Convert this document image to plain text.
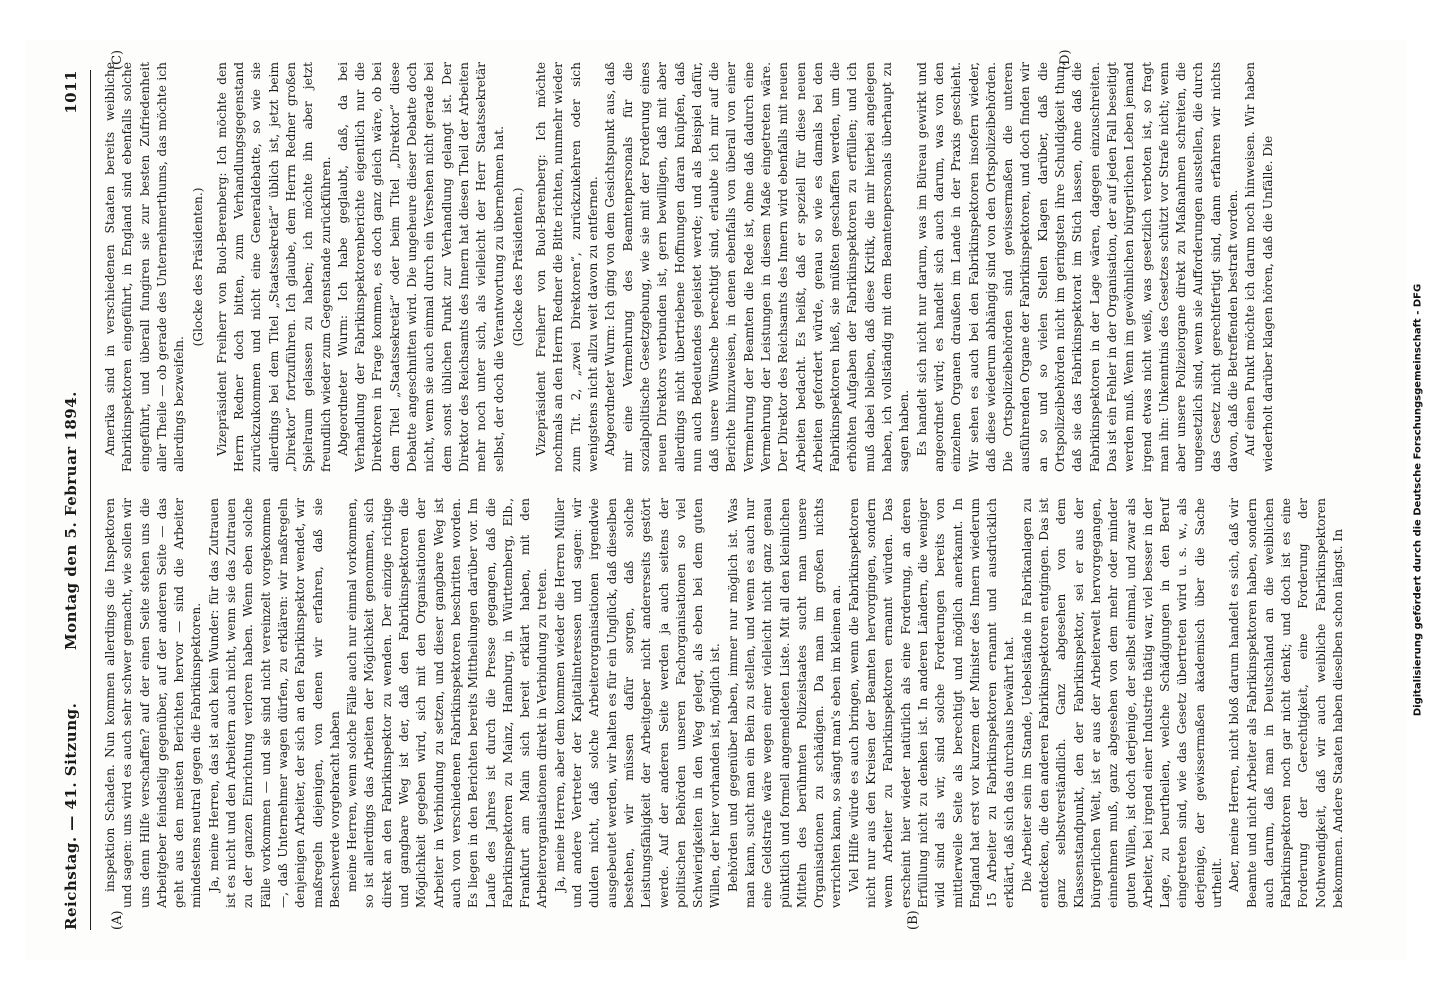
Reichstag. — 41. Sitzung.
Montag den 5. Februar 1894.
1011
(A)	(B)
(C)	(D)

inspektion Schaden. Nun kommen allerdings die Inspektoren und sagen: uns wird es auch sehr schwer gemacht, wie sollen wir uns denn Hilfe verschaffen? auf der einen Seite stehen uns die Arbeitgeber feindselig gegenüber, auf der anderen Seite — das geht aus den meisten Berichten hervor — sind die Arbeiter mindestens neutral gegen die Fabrikinspektoren. Ja, meine Herren, das ist auch kein Wunder: für das Zutrauen ist es nicht und den Arbeitern auch nicht, wenn sie das Zutrauen zu der ganzen Einrichtung verloren haben. Wenn eben solche Fälle vorkommen — und sie sind nicht vereinzelt vorgekommen —, daß Unternehmer wagen dürfen, zu erklären: wir maßregeln denjenigen Arbeiter, der sich an den Fabrikinspektor wendet, wir maßregeln diejenigen, von denen wir erfahren, daß sie Beschwerde vorgebracht haben meine Herren, wenn solche Fälle auch nur einmal vorkommen, so ist allerdings das Arbeiten der Möglichkeit genommen, sich direkt an den Fabrikinspektor zu wenden. Der einzige richtige und gangbare Weg ist der, daß den Fabrikinspektoren die Möglichkeit gegeben wird, sich mit den Organisationen der Arbeiter in Verbindung zu setzen, und dieser gangbare Weg ist auch von verschiedenen Fabrikinspektoren beschritten worden. Es liegen in den Berichten bereits Mittheilungen darüber vor. Im Laufe des Jahres ist durch die Presse gegangen, daß die Fabrikinspektoren zu Mainz, Hamburg, in Württemberg, Elb., Frankfurt am Main sich bereit erklärt haben, mit den Arbeiterorganisationen direkt in Verbindung zu treten. Ja, meine Herren, aber dem kommen wieder die Herren Müller und andere Vertreter der Kapitalinteressen und sagen: wir dulden nicht, daß solche Arbeiterorganisationen irgendwie ausgebeutet werden, wir halten es für ein Unglück, daß dieselben bestehen, wir müssen dafür sorgen, daß solche Leistungsfähigkeit der Arbeitgeber nicht andererseits gestört werde. Auf der anderen Seite werden ja auch seitens der politischen Behörden unseren Fachorganisationen so viel Schwierigkeiten in den Weg gelegt, als eben bei dem guten Willen, der hier vorhanden ist, möglich ist. Behörden und gegenüber haben, immer nur möglich ist. Was man kann, sucht man ein Bein zu stellen, und wenn es auch nur eine Geldstrafe wäre wegen einer vielleicht nicht ganz genau pünktlich und formell angemeldeten Liste. Mit all den kleinlichen Mitteln des berühmten Polizeistaates sucht man unsere Organisationen zu schädigen. Da man im großen nichts verrichten kann, so sängt man's eben im kleinen an. Viel Hilfe würde es auch bringen, wenn die Fabrikinspektoren nicht nur aus den Kreisen der Beamten hervorgingen, sondern wenn Arbeiter zu Fabrikinspektoren ernannt würden. Das erscheint hier wieder natürlich als eine Forderung, an deren Erfüllung nicht zu denken ist. In anderen Ländern, die weniger wild sind als wir, sind solche Forderungen bereits von mittlerweile Seite als berechtigt und möglich anerkannt. In England hat erst vor kurzem der Minister des Innern wiederum 15 Arbeiter zu Fabrikinspektoren ernannt und ausdrücklich erklärt, daß sich das durchaus bewährt hat. Die Arbeiter sein im Stande, Uebelstände in Fabrikanlagen zu entdecken, die den anderen Fabrikinspektoren entgingen. Das ist ganz selbstverständlich. Ganz abgesehen von dem Klassenstandpunkt, den der Fabrikinspektor, sei er aus der bürgerlichen Welt, ist er aus der Arbeiterwelt hervorgegangen, einnehmen muß, ganz abgesehen von dem mehr oder minder guten Willen, ist doch derjenige, der selbst einmal, und zwar als Arbeiter, bei irgend einer Industrie thätig war, viel besser in der Lage, zu beurtheilen, welche Schädigungen in den Beruf eingetreten sind, wie das Gesetz übertreten wird u. s. w., als derjenige, der gewissermaßen akademisch über die Sache urtheilt. Aber, meine Herren, nicht bloß darum handelt es sich, daß wir Beamte und nicht Arbeiter als Fabrikinspektoren haben, sondern auch darum, daß man in Deutschland an die weiblichen Fabrikinspektoren noch gar nicht denkt; und doch ist es eine Forderung der Gerechtigkeit, eine Forderung der Nothwendigkeit, daß wir auch weibliche Fabrikinspektoren bekommen. Andere Staaten haben dieselben schon längst. In

Amerika sind in verschiedenen Staaten bereits weibliche Fabrikinspektoren eingeführt, in England sind ebenfalls solche eingeführt, und überall fungiren sie zur besten Zufriedenheit aller Theile — ob gerade des Unternehmerthums, das möchte ich allerdings bezweifeln.

(Glocke des Präsidenten.) Vizepräsident Freiherr von Buol-Berenberg: Ich möchte den Herrn Redner doch bitten, zum Verhandlungsgegenstand zurückzukommen und nicht eine Generaldebatte, so wie sie allerdings bei dem Titel „Staatssekretär“ üblich ist, jetzt beim „Direktor“ fortzuführen. Ich glaube, dem Herrn Redner großen Spielraum gelassen zu haben; ich möchte ihn aber jetzt freundlich wieder zum Gegenstande zurückführen. Abgeordneter Wurm: Ich habe geglaubt, daß, da bei Verhandlung der Fabrikinspektorenberichte eigentlich nur die Direktoren in Frage kommen, es doch ganz gleich wäre, ob bei dem Titel „Staatssekretär“ oder beim Titel „Direktor“ diese Debatte angeschnitten wird. Die ungeheure dieser Debatte doch nicht, wenn sie auch einmal durch ein Versehen nicht gerade bei dem sonst üblichen Punkt zur Verhandlung gelangt ist. Der Direktor des Reichsamts des Innern hat diesen Theil der Arbeiten mehr noch unter sich, als vielleicht der Herr Staatssekretär selbst, der doch die Verantwortung zu übernehmen hat. (Glocke des Präsidenten.) Vizepräsident Freiherr von Buol-Berenberg: Ich möchte nochmals an den Herrn Redner die Bitte richten, nunmehr wieder zum Tit. 2, „zwei Direktoren“, zurückzukehren oder sich wenigstens nicht allzu weit davon zu entfernen. Abgeordneter Wurm: Ich ging von dem Gesichtspunkt aus, daß mir eine Vermehrung des Beamtenpersonals für die sozialpolitische Gesetzgebung, wie sie mit der Forderung eines neuen Direktors verbunden ist, gern bewilligen, daß mit aber allerdings nicht übertriebene Hoffnungen daran knüpfen, daß nun auch Bedeutendes geleistet werde; und als Beispiel dafür, daß unsere Wünsche berechtigt sind, erlaubte ich mir auf die Berichte hinzuweisen, in denen ebenfalls von überall von einer Vermehrung der Beamten die Rede ist, ohne daß dadurch eine Vermehrung der Leistungen in diesem Maße eingetreten wäre. Der Direktor des Reichsamts des Innern wird ebenfalls mit neuen Arbeiten bedacht. Es heißt, daß er speziell für diese neuen Arbeiten gefordert würde, genau so wie es damals bei den Fabrikinspektoren hieß, sie müßten geschaffen werden, um die erhöhten Aufgaben der Fabrikinspektoren zu erfüllen; und ich muß dabei bleiben, daß diese Kritik, die mir hierbei angelegen haben, ich vollständig mit dem Beamtenpersonals überhaupt zu sagen haben. Es handelt sich nicht nur darum, was im Büreau gewirkt und angeordnet wird; es handelt sich auch darum, was von den einzelnen Organen draußen im Lande in der Praxis geschieht. Wir sehen es auch bei den Fabrikinspektoren insofern wieder, daß diese wiederum abhängig sind von den Ortspolizeibehörden. Die Ortspolizeibehörden sind gewissermaßen die unteren ausführenden Organe der Fabrikinspektoren, und doch finden wir an so und so vielen Stellen Klagen darüber, daß die Ortspolizeibehörden nicht im geringsten ihre Schuldigkeit thun, daß sie das Fabrikinspektorat im Stich lassen, ohne daß die Fabrikinspektoren in der Lage wären, dagegen einzuschreiten. Das ist ein Fehler in der Organisation, der auf jeden Fall beseitigt werden muß. Wenn im gewöhnlichen bürgerlichen Leben jemand irgend etwas nicht weiß, was gesetzlich verboten ist, so fragt man ihn: Unkenntnis des Gesetzes schützt vor Strafe nicht; wenn aber unsere Polizeiorgane direkt zu Maßnahmen schreiten, die ungesetzlich sind, wenn sie Aufforderungen ausstellen, die durch das Gesetz nicht gerechtfertigt sind, dann erfahren wir nichts davon, daß die Betreffenden bestraft worden. Auf einen Punkt möchte ich darum noch hinweisen. Wir haben wiederholt darüber klagen hören, daß die Unfälle. Die	Digitalisierung gefördert durch die Deutsche Forschungsgemeinschaft - DFG
